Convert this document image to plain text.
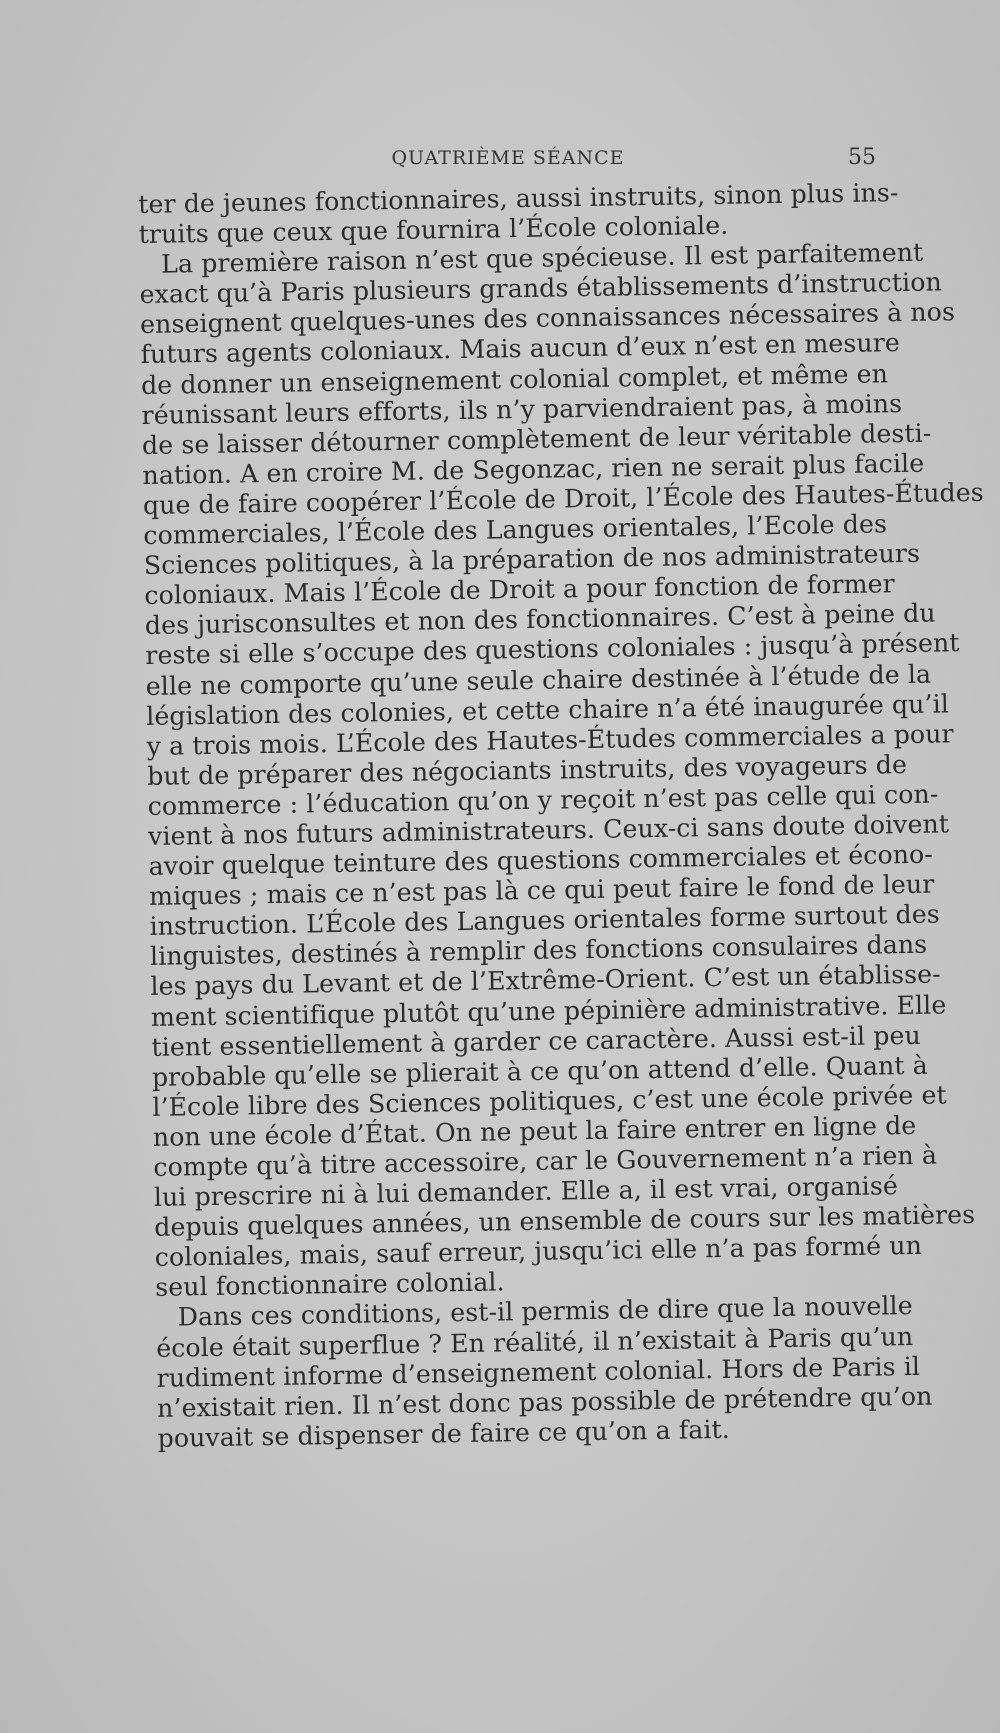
QUATRIÈME SÉANCE	55
ter de jeunes fonctionnaires, aussi instruits, sinon plus ins-
truits que ceux que fournira l’École coloniale.
La première raison n’est que spécieuse. Il est parfaitement
exact qu’à Paris plusieurs grands établissements d’instruction
enseignent quelques-unes des connaissances nécessaires à nos
futurs agents coloniaux. Mais aucun d’eux n’est en mesure
de donner un enseignement colonial complet, et même en
réunissant leurs efforts, ils n’y parviendraient pas, à moins
de se laisser détourner complètement de leur véritable desti-
nation. A en croire M. de Segonzac, rien ne serait plus facile
que de faire coopérer l’École de Droit, l’École des Hautes-Études
commerciales, l’École des Langues orientales, l’Ecole des
Sciences politiques, à la préparation de nos administrateurs
coloniaux. Mais l’École de Droit a pour fonction de former
des jurisconsultes et non des fonctionnaires. C’est à peine du
reste si elle s’occupe des questions coloniales : jusqu’à présent
elle ne comporte qu’une seule chaire destinée à l’étude de la
législation des colonies, et cette chaire n’a été inaugurée qu’il
y a trois mois. L’École des Hautes-Études commerciales a pour
but de préparer des négociants instruits, des voyageurs de
commerce : l’éducation qu’on y reçoit n’est pas celle qui con-
vient à nos futurs administrateurs. Ceux-ci sans doute doivent
avoir quelque teinture des questions commerciales et écono-
miques ; mais ce n’est pas là ce qui peut faire le fond de leur
instruction. L’École des Langues orientales forme surtout des
linguistes, destinés à remplir des fonctions consulaires dans
les pays du Levant et de l’Extrême-Orient. C’est un établisse-
ment scientifique plutôt qu’une pépinière administrative. Elle
tient essentiellement à garder ce caractère. Aussi est-il peu
probable qu’elle se plierait à ce qu’on attend d’elle. Quant à
l’École libre des Sciences politiques, c’est une école privée et
non une école d’État. On ne peut la faire entrer en ligne de
compte qu’à titre accessoire, car le Gouvernement n’a rien à
lui prescrire ni à lui demander. Elle a, il est vrai, organisé
depuis quelques années, un ensemble de cours sur les matières
coloniales, mais, sauf erreur, jusqu’ici elle n’a pas formé un
seul fonctionnaire colonial.
Dans ces conditions, est-il permis de dire que la nouvelle
école était superflue ? En réalité, il n’existait à Paris qu’un
rudiment informe d’enseignement colonial. Hors de Paris il
n’existait rien. Il n’est donc pas possible de prétendre qu’on
pouvait se dispenser de faire ce qu’on a fait.
